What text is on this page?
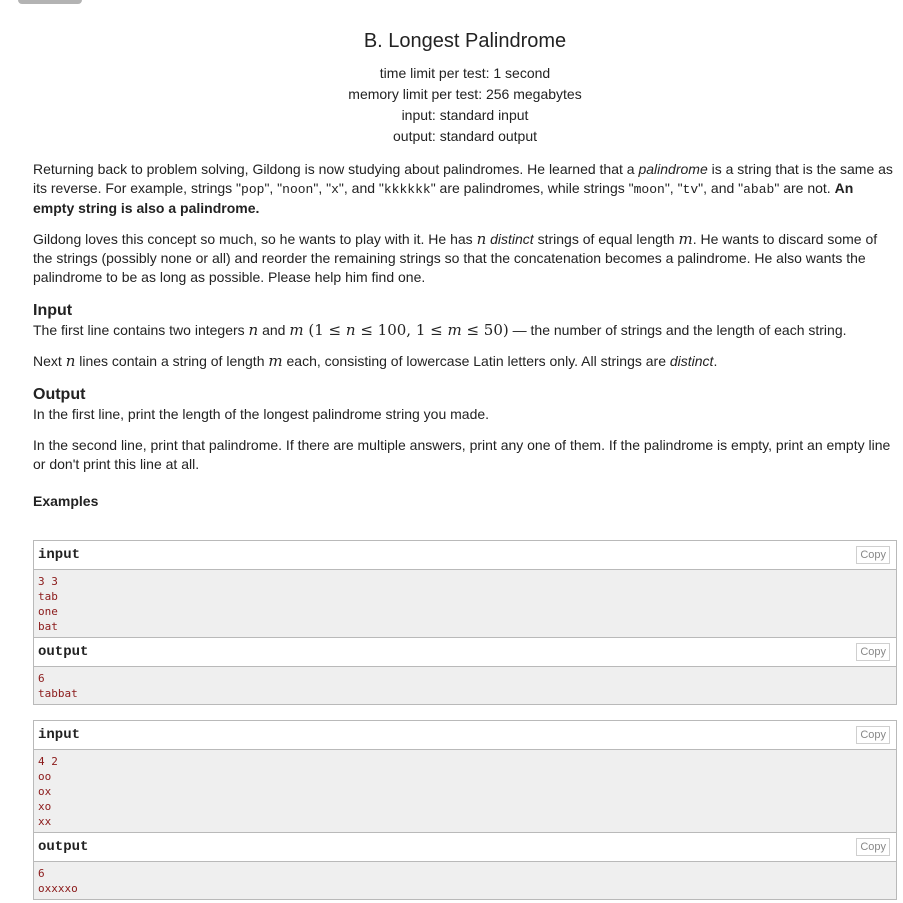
B. Longest Palindrome
time limit per test: 1 second
memory limit per test: 256 megabytes
input: standard input
output: standard output

Returning back to problem solving, Gildong is now studying about palindromes. He learned that a palindrome is a string that is the same as its reverse. For example, strings "pop", "noon", "x", and "kkkkkk" are palindromes, while strings "moon", "tv", and "abab" are not. An empty string is also a palindrome.

Gildong loves this concept so much, so he wants to play with it. He has n distinct strings of equal length m. He wants to discard some of the strings (possibly none or all) and reorder the remaining strings so that the concatenation becomes a palindrome. He also wants the palindrome to be as long as possible. Please help him find one.

Input

The first line contains two integers n and m (1 ≤ n ≤ 100, 1 ≤ m ≤ 50) — the number of strings and the length of each string.

Next n lines contain a string of length m each, consisting of lowercase Latin letters only. All strings are distinct.

Output

In the first line, print the length of the longest palindrome string you made.

In the second line, print that palindrome. If there are multiple answers, print any one of them. If the palindrome is empty, print an empty line or don't print this line at all.

Examples
input	Copy
3 3
tab
one
bat
output	Copy
6
tabbat
input	Copy
4 2
oo
ox
xo
xx
output	Copy
6
oxxxxo
